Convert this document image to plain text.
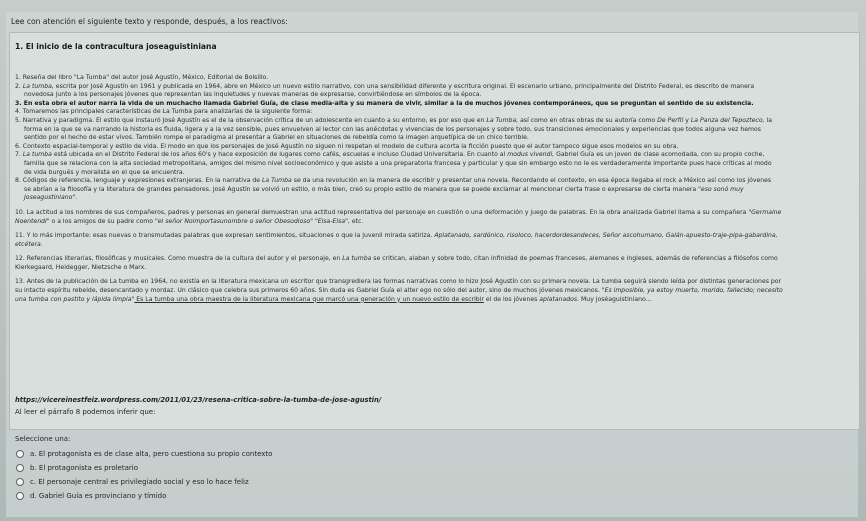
Lee con atención el siguiente texto y responde, después, a los reactivos:
1. El inicio de la contracultura joseaguistiniana

1. Reseña del libro "La Tumba" del autor José Agustín, México, Editorial de Bolsillo.

2. La tumba, escrita por José Agustín en 1961 y publicada en 1964, abre en México un nuevo estilo narrativo, con una sensibilidad diferente y escritura original. El escenario urbano, principalmente del Distrito Federal, es descrito de manera

novedosa junto a los personajes jóvenes que representan las inquietudes y nuevas maneras de expresarse, convirtiéndose en símbolos de la época.

3. En esta obra el autor narra la vida de un muchacho llamada Gabriel Guía, de clase media-alta y su manera de vivir, similar a la de muchos jóvenes contemporáneos, que se preguntan el sentido de su existencia.

4. Tomaremos las principales características de La Tumba para analizarlas de la siguiente forma:

5. Narrativa y paradigma. El estilo que instauró José Agustín es el de la observación crítica de un adolescente en cuanto a su entorno, es por eso que en La Tumba, así como en otras obras de su autoría como De Perfil y La Panza del Tepozteco, la

forma en la que se va narrando la historia es fluida, ligera y a la vez sensible, pues envuelven al lector con las anécdotas y vivencias de los personajes y sobre todo, sus transiciones emocionales y experiencias que todos alguna vez hemos

sentido por el hecho de estar vivos. También rompe el paradigma al presentar a Gabriel en situaciones de rebeldía como la imagen arquetípica de un chico terrible.

6. Contexto espacial-temporal y estilo de vida. El modo en que los personajes de José Agustín no siguen ni respetan el modelo de cultura acorta la ficción puesto que el autor tampoco sigue esos modelos en su obra.

7. La tumba está ubicada en el Distrito Federal de los años 60's y hace exposición de lugares como cafés, escuelas e incluso Ciudad Universitaria. En cuanto al modus vivendi, Gabriel Guía es un joven de clase acomodada, con su propio coche,

familia que se relaciona con la alta sociedad metropolitana, amigos del mismo nivel socioeconómico y que asiste a una preparatoria francesa y particular y que sin embargo esto no le es verdaderamente importante pues hace críticas al modo

de vida burgués y moralista en el que se encuentra.

8. Códigos de referencia, lenguaje y expresiones extranjeras. En la narrativa de La Tumba se da una revolución en la manera de escribir y presentar una novela. Recordando el contexto, en esa época llegaba el rock a México así como los jóvenes

se abrían a la filosofía y la literatura de grandes pensadores. José Agustín se volvió un estilo, o más bien, creó su propio estilo de manera que se puede exclamar al mencionar cierta frase o expresarse de cierta manera "eso sonó muy

Joseagustiniano".

10. La actitud a los nombres de sus compañeros, padres y personas en general demuestran una actitud representativa del personaje en cuestión o una deformación y juego de palabras. En la obra analizada Gabriel llama a su compañera "Germaine

Noentendi" o a los amigos de su padre como "el señor Noimportasunombre o señor Obesodioso" "Elsa-Elsa", etc.

11. Y lo más importante: esas nuevas o transmutadas palabras que expresan sentimientos, situaciones o que la juvenil mirada satiriza. Aplatanado, sardónico, risoloco, hacerdordesandeces, Señor ascohumano, Galán-apuesto-traje-pipa-gabardina,

etcétera.

12. Referencias literarias, filosóficas y musicales. Como muestra de la cultura del autor y el personaje, en La tumba se critican, alaban y sobre todo, citan infinidad de poemas franceses, alemanes e ingleses, además de referencias a filósofos como

Kierkegaard, Heidegger, Nietzsche o Marx.

13. Antes de la publicación de La tumba en 1964, no existía en la literatura mexicana un escritor que transgrediera las formas narrativas como lo hizo José Agustín con su primera novela. La tumba seguirá siendo leída por distintas generaciones por

su intacto espíritu rebelde, desencantado y mordaz. Un clásico que celebra sus primeros 60 años. Sin duda es Gabriel Guía el alter ego no sólo del autor, sino de muchos jóvenes mexicanos. "Es imposible, ya estoy muerto, morido, fallecido; necesito

una tumba con pastito y lápida limpia" Es La tumba una obra maestra de la literatura mexicana que marcó una generación y un nuevo estilo de escribir el de los jóvenes aplatanados. Muy joséaguistiniano...

https://vicereinestfeiz.wordpress.com/2011/01/23/resena-critica-sobre-la-tumba-de-jose-agustin/
Al leer el párrafo 8 podemos inferir que:
Seleccione una:
a. El protagonista es de clase alta, pero cuestiona su propio contexto
b. El protagonista es proletario
c. El personaje central es privilegiado social y eso lo hace feliz
d. Gabriel Guía es provinciano y tímido
